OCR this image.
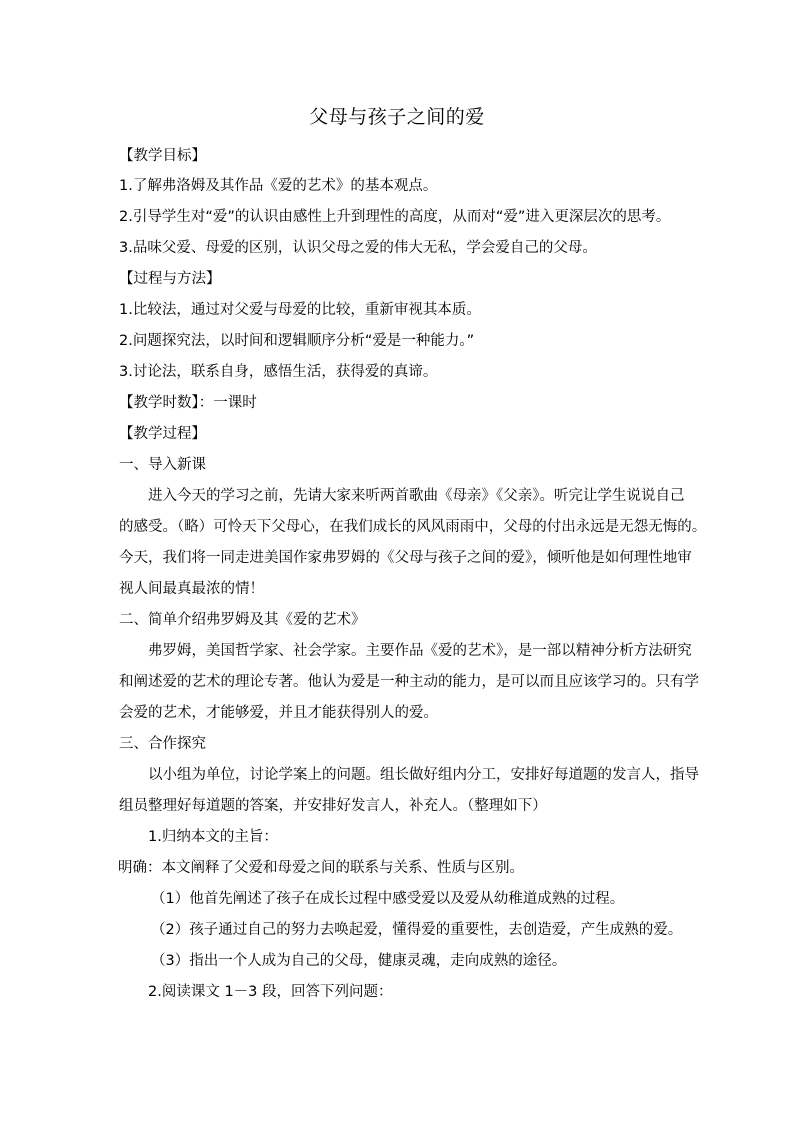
父母与孩子之间的爱

【教学目标】

1.了解弗洛姆及其作品《爱的艺术》的基本观点。

2.引导学生对“爱”的认识由感性上升到理性的高度，从而对“爱”进入更深层次的思考。

3.品味父爱、母爱的区别，认识父母之爱的伟大无私，学会爱自己的父母。

【过程与方法】

1.比较法，通过对父爱与母爱的比较，重新审视其本质。

2.问题探究法，以时间和逻辑顺序分析“爱是一种能力。”

3.讨论法，联系自身，感悟生活，获得爱的真谛。

【教学时数】：一课时

【教学过程】

一、导入新课

进入今天的学习之前，先请大家来听两首歌曲《母亲》《父亲》。听完让学生说说自己

的感受。（略）可怜天下父母心，在我们成长的风风雨雨中，父母的付出永远是无怨无悔的。

今天，我们将一同走进美国作家弗罗姆的《父母与孩子之间的爱》，倾听他是如何理性地审

视人间最真最浓的情！

二、简单介绍弗罗姆及其《爱的艺术》

弗罗姆，美国哲学家、社会学家。主要作品《爱的艺术》，是一部以精神分析方法研究

和阐述爱的艺术的理论专著。他认为爱是一种主动的能力，是可以而且应该学习的。只有学

会爱的艺术，才能够爱，并且才能获得别人的爱。

三、合作探究

以小组为单位，讨论学案上的问题。组长做好组内分工，安排好每道题的发言人，指导

组员整理好每道题的答案，并安排好发言人，补充人。（整理如下）

1.归纳本文的主旨：

明确：本文阐释了父爱和母爱之间的联系与关系、性质与区别。

（1）他首先阐述了孩子在成长过程中感受爱以及爱从幼稚道成熟的过程。

（2）孩子通过自己的努力去唤起爱，懂得爱的重要性，去创造爱，产生成熟的爱。

（3）指出一个人成为自己的父母，健康灵魂，走向成熟的途径。

2.阅读课文 1－3 段，回答下列问题：
